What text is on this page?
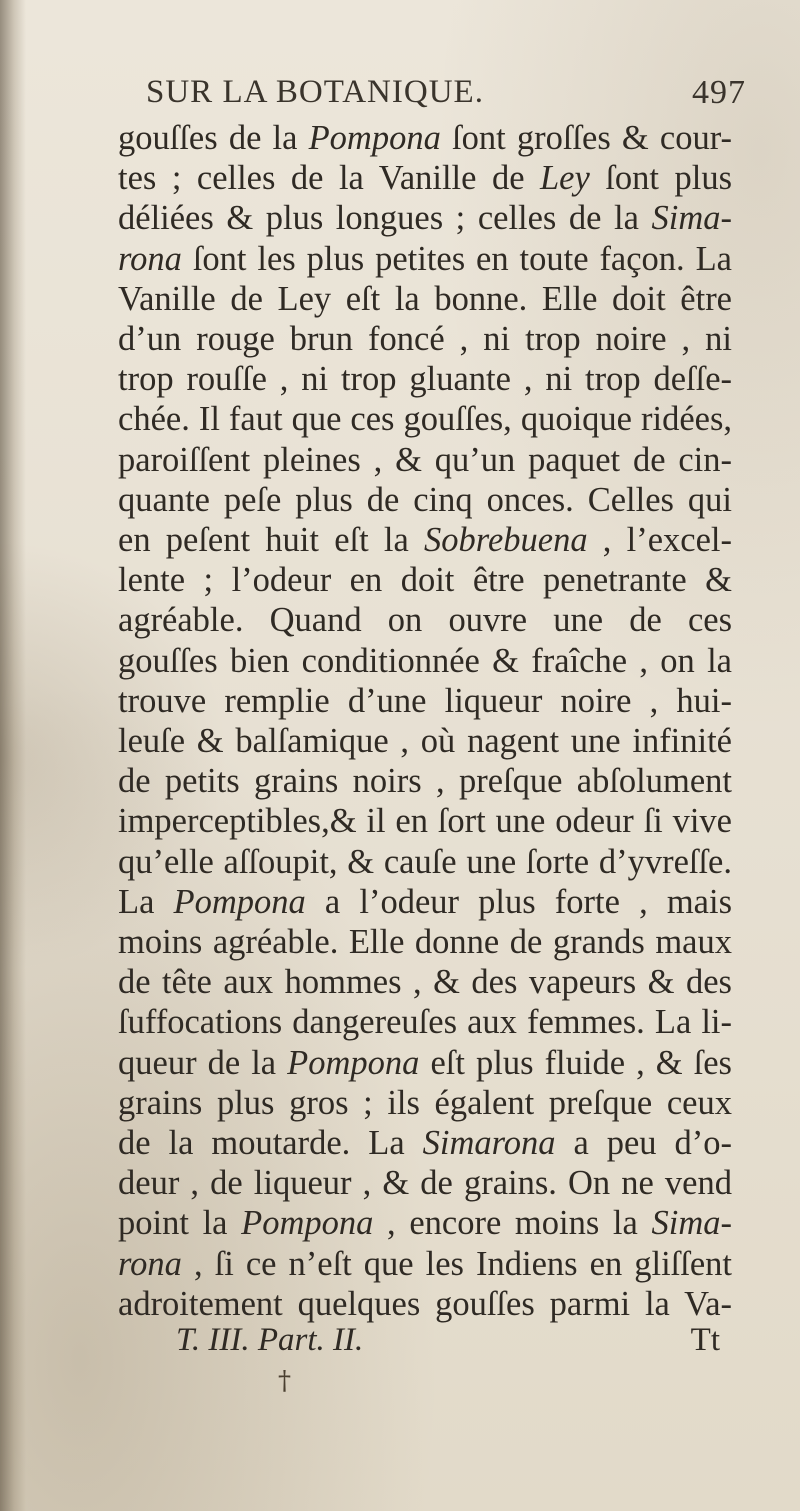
SUR LA BOTANIQUE.	497
gouſſes de la Pompona ſont groſſes & cour-
tes ; celles de la Vanille de Ley ſont plus
déliées & plus longues ; celles de la Sima-
rona ſont les plus petites en toute façon. La
Vanille de Ley eſt la bonne. Elle doit être
d’un rouge brun foncé , ni trop noire , ni
trop rouſſe , ni trop gluante , ni trop deſſe-
chée. Il faut que ces gouſſes, quoique ridées,
paroiſſent pleines , & qu’un paquet de cin-
quante peſe plus de cinq onces. Celles qui
en peſent huit eſt la Sobrebuena , l’excel-
lente ; l’odeur en doit être penetrante &
agréable. Quand on ouvre une de ces
gouſſes bien conditionnée & fraîche , on la
trouve remplie d’une liqueur noire , hui-
leuſe & balſamique , où nagent une infinité
de petits grains noirs , preſque abſolument
imperceptibles,& il en ſort une odeur ſi vive
qu’elle aſſoupit, & cauſe une ſorte d’yvreſſe.
La Pompona a l’odeur plus forte , mais
moins agréable. Elle donne de grands maux
de tête aux hommes , & des vapeurs & des
ſuffocations dangereuſes aux femmes. La li-
queur de la Pompona eſt plus fluide , & ſes
grains plus gros ; ils égalent preſque ceux
de la moutarde. La Simarona a peu d’o-
deur , de liqueur , & de grains. On ne vend
point la Pompona , encore moins la Sima-
rona , ſi ce n’eſt que les Indiens en gliſſent
adroitement quelques gouſſes parmi la Va-
T. III. Part. II.	Tt
†
